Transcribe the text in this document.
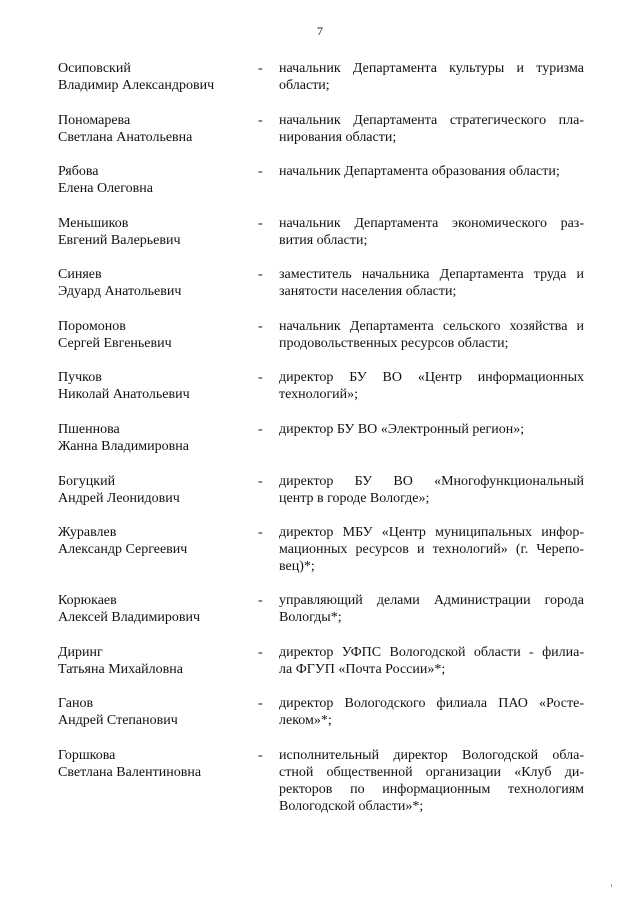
7
Осиповский
Владимир Александрович
- начальник Департамента культуры и туризма
области;
Пономарева
Светлана Анатольевна
- начальник Департамента стратегического пла-
нирования области;
Рябова
Елена Олеговна
- начальник Департамента образования области;
Меньшиков
Евгений Валерьевич
- начальник Департамента экономического раз-
вития области;
Синяев
Эдуард Анатольевич
- заместитель начальника Департамента труда и
занятости населения области;
Поромонов
Сергей Евгеньевич
- начальник Департамента сельского хозяйства и
продовольственных ресурсов области;
Пучков
Николай Анатольевич
- директор БУ ВО «Центр информационных
технологий»;
Пшеннова
Жанна Владимировна
- директор БУ ВО «Электронный регион»;
Богуцкий
Андрей Леонидович
- директор БУ ВО «Многофункциональный
центр в городе Вологде»;
Журавлев
Александр Сергеевич
- директор МБУ «Центр муниципальных инфор-
мационных ресурсов и технологий» (г. Черепо-
вец)*;
Корюкаев
Алексей Владимирович
- управляющий делами Администрации города
Вологды*;
Диринг
Татьяна Михайловна
- директор УФПС Вологодской области - филиа-
ла ФГУП «Почта России»*;
Ганов
Андрей Степанович
- директор Вологодского филиала ПАО «Росте-
леком»*;
Горшкова
Светлана Валентиновна
- исполнительный директор Вологодской обла-
стной общественной организации «Клуб ди-
ректоров по информационным технологиям
Вологодской области»*;
